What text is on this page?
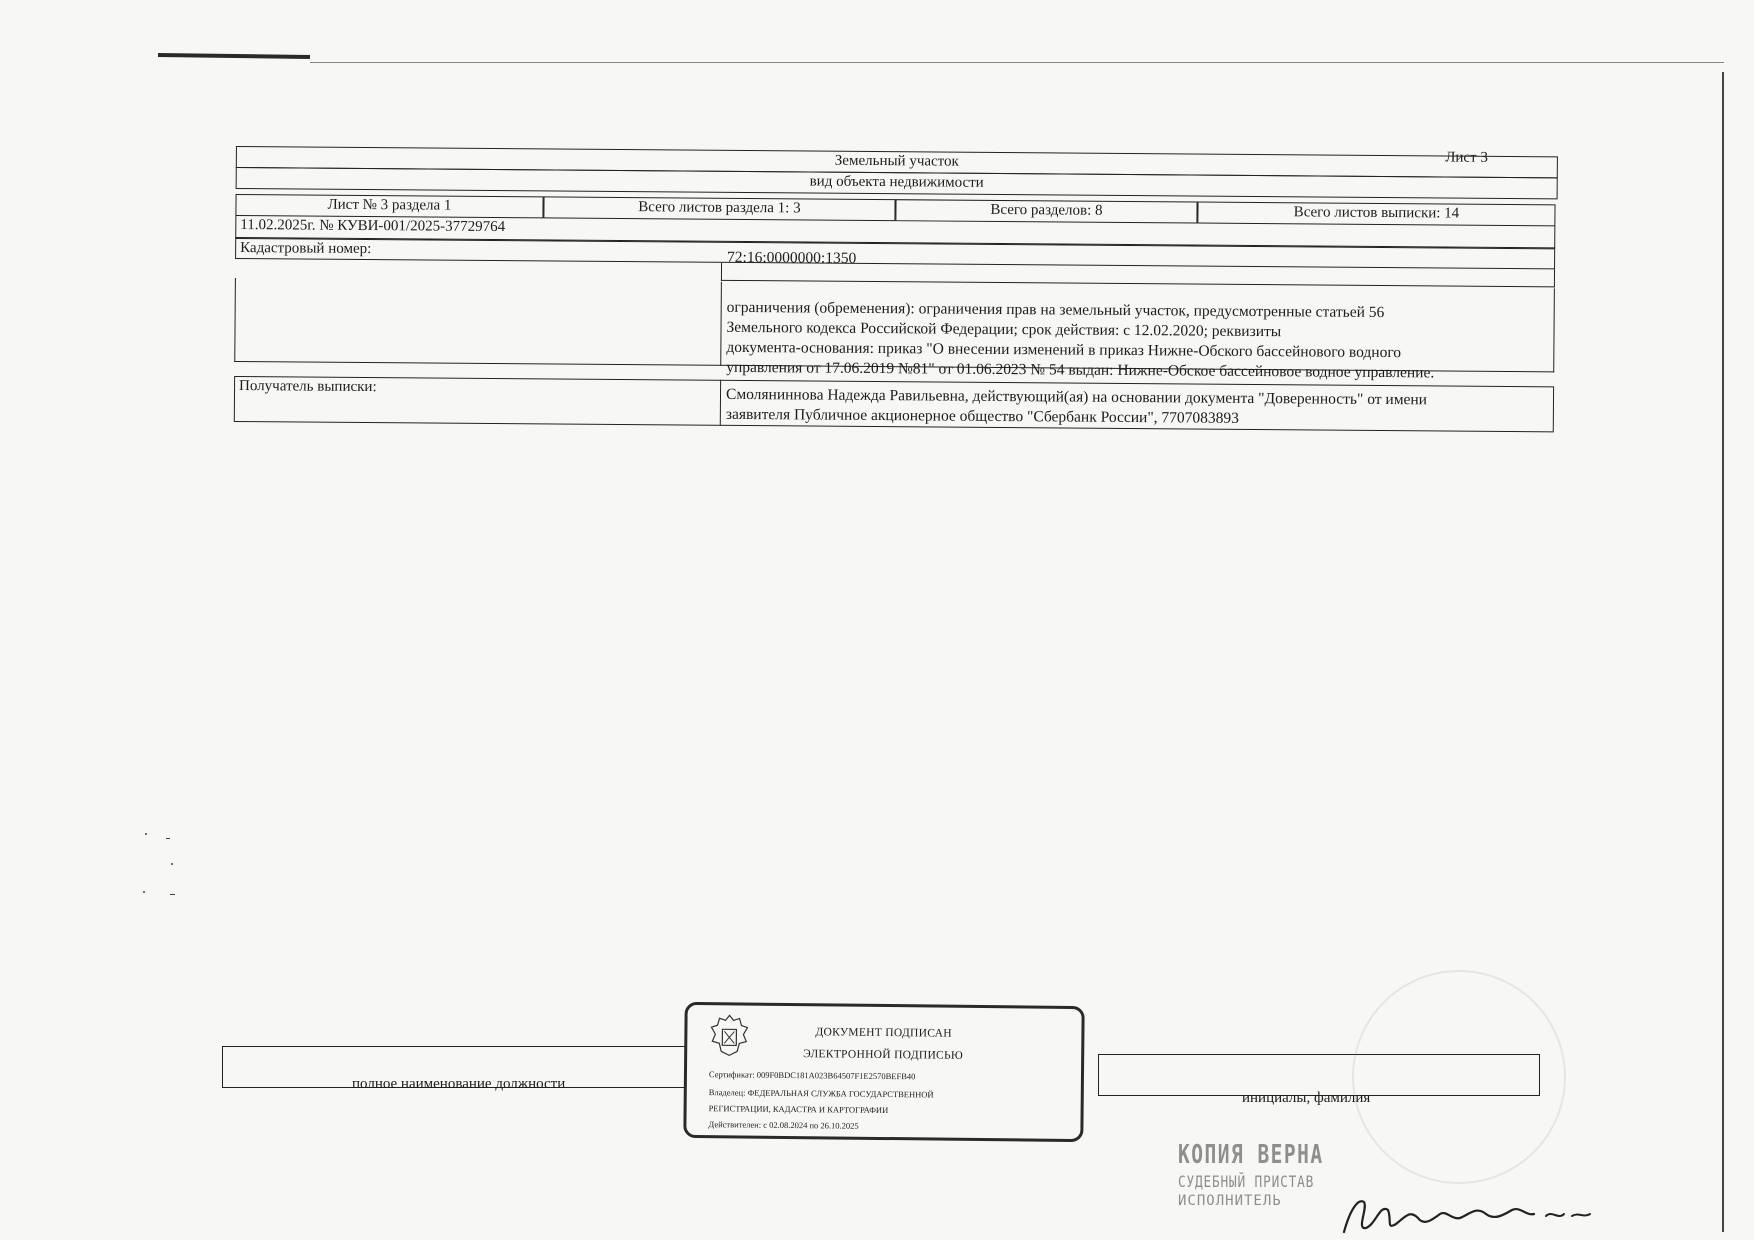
Лист 3
Земельный участок
вид объекта недвижимости
Лист № 3 раздела 1	Всего листов раздела 1: 3	Всего разделов: 8	Всего листов выписки: 14
11.02.2025г. № КУВИ-001/2025-37729764
Кадастровый номер:
72:16:0000000:1350
ограничения (обременения): ограничения прав на земельный участок, предусмотренные статьей 56
Земельного кодекса Российской Федерации; срок действия: с 12.02.2020; реквизиты
документа-основания: приказ "О внесении изменений в приказ Нижне-Обского бассейнового водного
управления от 17.06.2019 №81" от 01.06.2023 № 54 выдан: Нижне-Обское бассейновое водное управление.
Получатель выписки:	Смоляниннова Надежда Равильевна, действующий(ая) на основании документа "Доверенность" от имени
заявителя Публичное акционерное общество "Сбербанк России", 7707083893
полное наименование должности
инициалы, фамилия
ДОКУМЕНТ ПОДПИСАН
ЭЛЕКТРОННОЙ ПОДПИСЬЮ
Сертификат: 009F0BDC181A023B64507F1E2570BEFB40
Владелец: ФЕДЕРАЛЬНАЯ СЛУЖБА ГОСУДАРСТВЕННОЙ
РЕГИСТРАЦИИ, КАДАСТРА И КАРТОГРАФИИ
Действителен: с 02.08.2024 по 26.10.2025
КОПИЯ ВЕРНА
СУДЕБНЫЙ ПРИСТАВ
ИСПОЛНИТЕЛЬ
